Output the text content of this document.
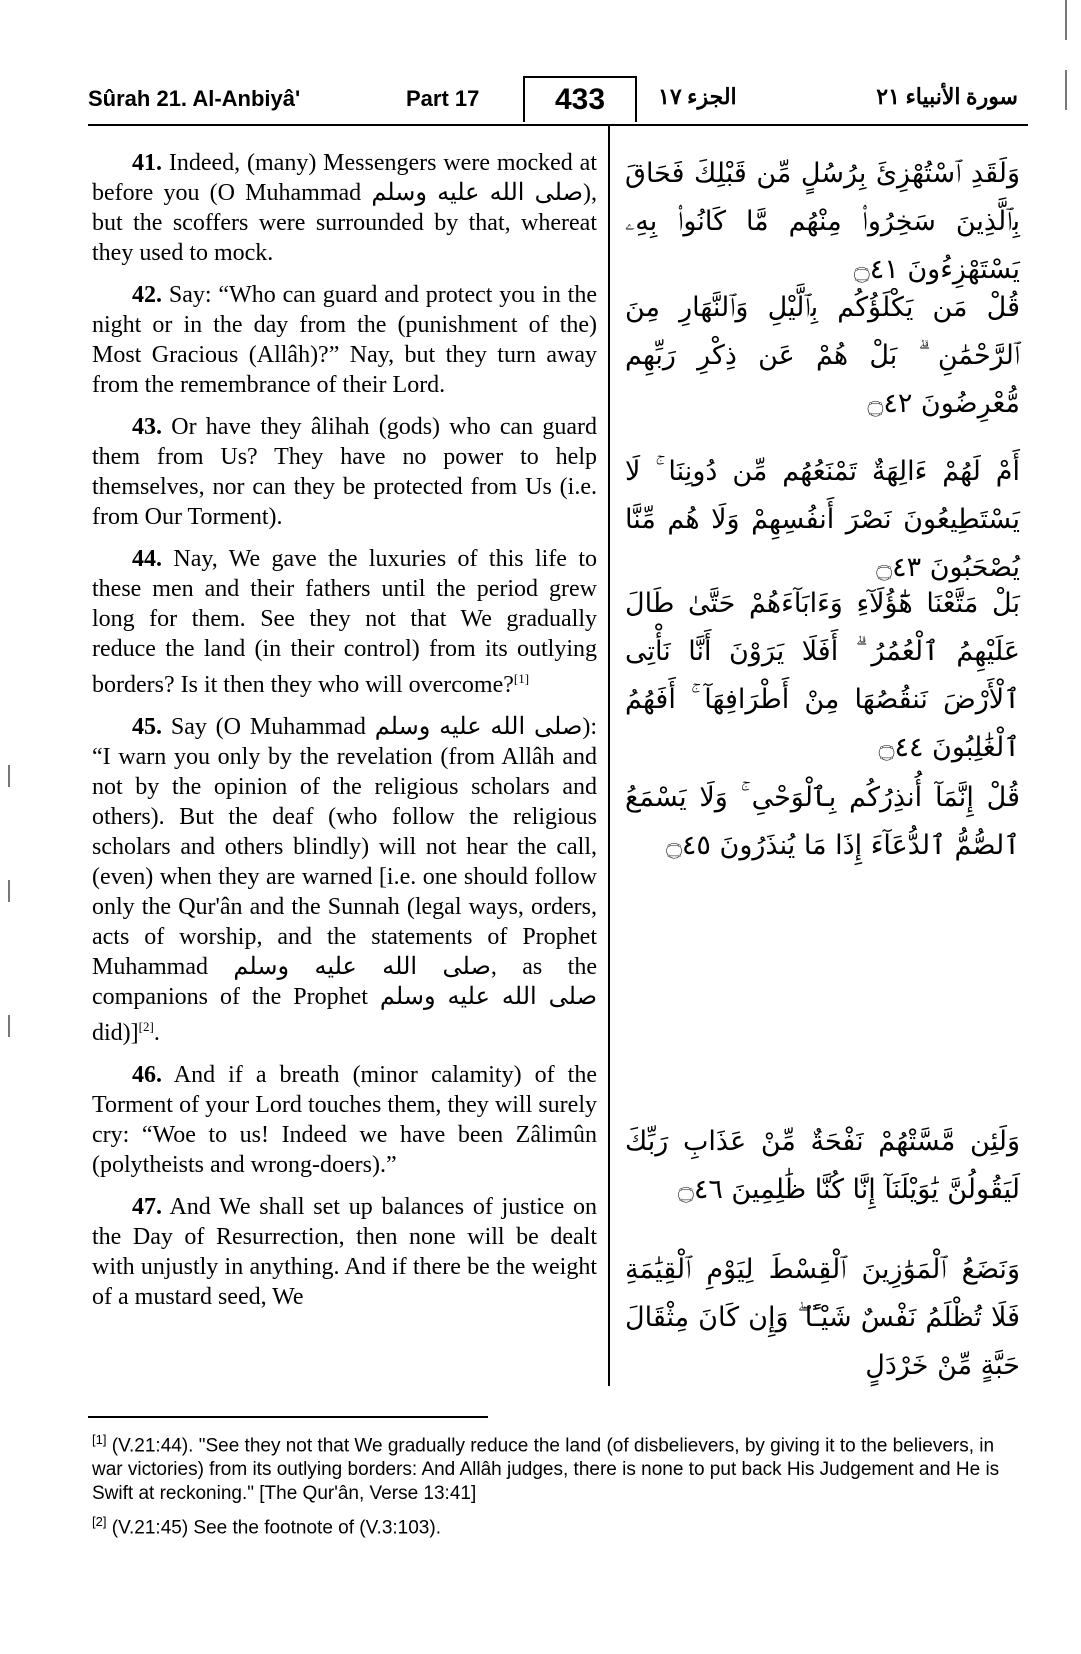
Sûrah 21. Al-Anbiyâ'	Part 17	433	الجزء ١٧	سورة الأنبياء ٢١

41. Indeed, (many) Messengers were mocked at before you (O Muhammad صلى الله عليه وسلم), but the scoffers were surrounded by that, whereat they used to mock.

42. Say: “Who can guard and protect you in the night or in the day from the (punishment of the) Most Gracious (Allâh)?” Nay, but they turn away from the remembrance of their Lord.

43. Or have they âlihah (gods) who can guard them from Us? They have no power to help themselves, nor can they be protected from Us (i.e. from Our Torment).

44. Nay, We gave the luxuries of this life to these men and their fathers until the period grew long for them. See they not that We gradually reduce the land (in their control) from its outlying borders? Is it then they who will overcome?[1]

45. Say (O Muhammad صلى الله عليه وسلم): “I warn you only by the revelation (from Allâh and not by the opinion of the religious scholars and others). But the deaf (who follow the religious scholars and others blindly) will not hear the call, (even) when they are warned [i.e. one should follow only the Qur'ân and the Sunnah (legal ways, orders, acts of worship, and the statements of Prophet Muhammad صلى الله عليه وسلم, as the companions of the Prophet صلى الله عليه وسلم did)][2].

46. And if a breath (minor calamity) of the Torment of your Lord touches them, they will surely cry: “Woe to us! Indeed we have been Zâlimûn (polytheists and wrong-doers).”

47. And We shall set up balances of justice on the Day of Resurrection, then none will be dealt with unjustly in anything. And if there be the weight of a mustard seed, We

وَلَقَدِ ٱسْتُهْزِئَ بِرُسُلٍ مِّن قَبْلِكَ فَحَاقَ بِٱلَّذِينَ سَخِرُوا۟ مِنْهُم مَّا كَانُوا۟ بِهِۦ يَسْتَهْزِءُونَ ۝٤١
قُلْ مَن يَكْلَؤُكُم بِٱلَّيْلِ وَٱلنَّهَارِ مِنَ ٱلرَّحْمَٰنِ ۗ بَلْ هُمْ عَن ذِكْرِ رَبِّهِم مُّعْرِضُونَ ۝٤٢
أَمْ لَهُمْ ءَالِهَةٌ تَمْنَعُهُم مِّن دُونِنَا ۚ لَا يَسْتَطِيعُونَ نَصْرَ أَنفُسِهِمْ وَلَا هُم مِّنَّا يُصْحَبُونَ ۝٤٣
بَلْ مَتَّعْنَا هَٰٓؤُلَآءِ وَءَابَآءَهُمْ حَتَّىٰ طَالَ عَلَيْهِمُ ٱلْعُمُرُ ۗ أَفَلَا يَرَوْنَ أَنَّا نَأْتِى ٱلْأَرْضَ نَنقُصُهَا مِنْ أَطْرَافِهَآ ۚ أَفَهُمُ ٱلْغَٰلِبُونَ ۝٤٤
قُلْ إِنَّمَآ أُنذِرُكُم بِٱلْوَحْىِ ۚ وَلَا يَسْمَعُ ٱلصُّمُّ ٱلدُّعَآءَ إِذَا مَا يُنذَرُونَ ۝٤٥
وَلَئِن مَّسَّتْهُمْ نَفْحَةٌ مِّنْ عَذَابِ رَبِّكَ لَيَقُولُنَّ يَٰوَيْلَنَآ إِنَّا كُنَّا ظَٰلِمِينَ ۝٤٦
وَنَضَعُ ٱلْمَوَٰزِينَ ٱلْقِسْطَ لِيَوْمِ ٱلْقِيَٰمَةِ فَلَا تُظْلَمُ نَفْسٌ شَيْـًٔا ۖ وَإِن كَانَ مِثْقَالَ حَبَّةٍ مِّنْ خَرْدَلٍ

[1] (V.21:44). "See they not that We gradually reduce the land (of disbelievers, by giving it to the believers, in war victories) from its outlying borders: And Allâh judges, there is none to put back His Judgement and He is Swift at reckoning." [The Qur'ân, Verse 13:41]

[2] (V.21:45) See the footnote of (V.3:103).
